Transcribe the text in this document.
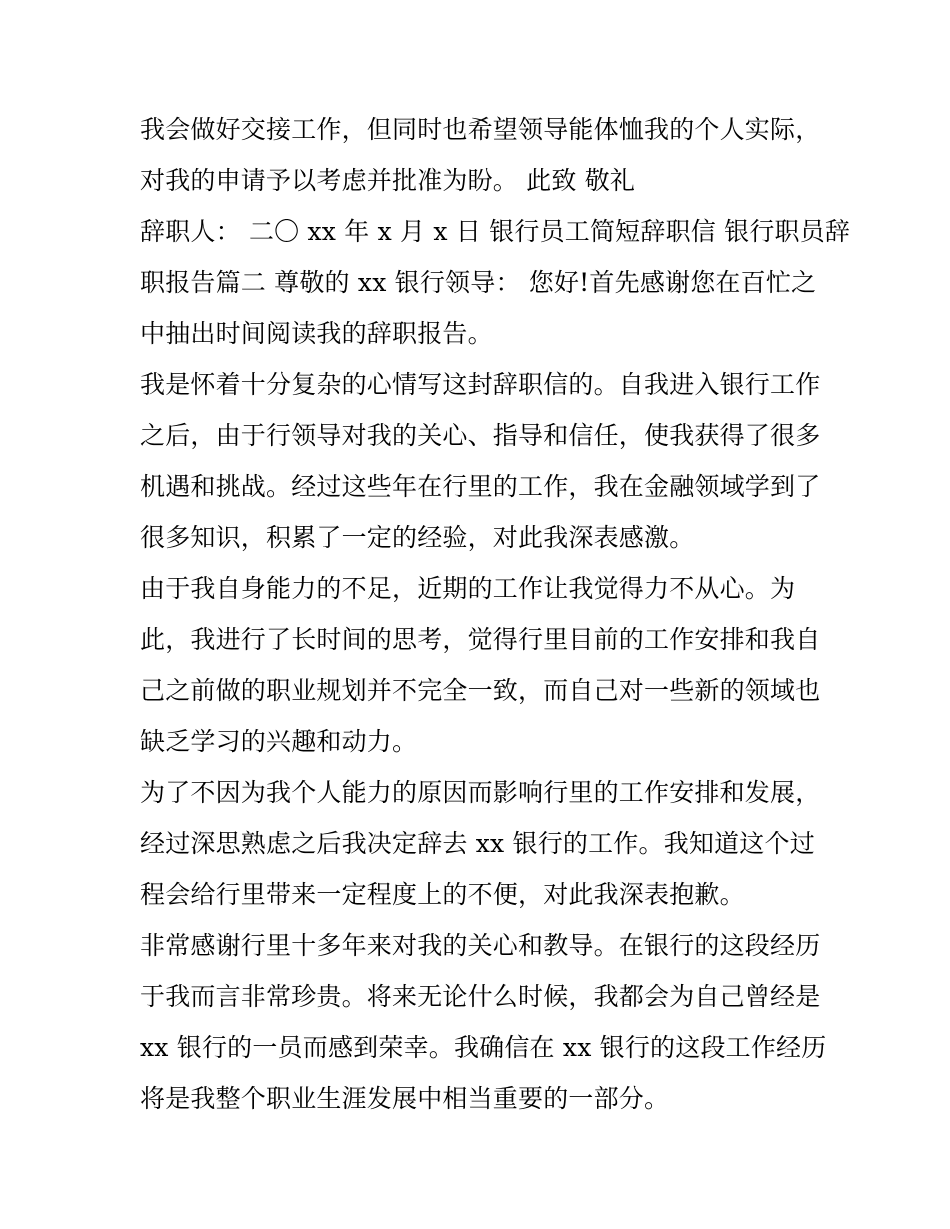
我会做好交接工作，但同时也希望领导能体恤我的个人实际，
对我的申请予以考虑并批准为盼。 此致 敬礼
辞职人： 二〇 xx 年 x 月 x 日 银行员工简短辞职信 银行职员辞
职报告篇二 尊敬的 xx 银行领导： 您好!首先感谢您在百忙之
中抽出时间阅读我的辞职报告。
我是怀着十分复杂的心情写这封辞职信的。自我进入银行工作
之后，由于行领导对我的关心、指导和信任，使我获得了很多
机遇和挑战。经过这些年在行里的工作，我在金融领域学到了
很多知识，积累了一定的经验，对此我深表感激。
由于我自身能力的不足，近期的工作让我觉得力不从心。为
此，我进行了长时间的思考，觉得行里目前的工作安排和我自
己之前做的职业规划并不完全一致，而自己对一些新的领域也
缺乏学习的兴趣和动力。
为了不因为我个人能力的原因而影响行里的工作安排和发展，
经过深思熟虑之后我决定辞去 xx 银行的工作。我知道这个过
程会给行里带来一定程度上的不便，对此我深表抱歉。
非常感谢行里十多年来对我的关心和教导。在银行的这段经历
于我而言非常珍贵。将来无论什么时候，我都会为自己曾经是
xx 银行的一员而感到荣幸。我确信在 xx 银行的这段工作经历
将是我整个职业生涯发展中相当重要的一部分。
